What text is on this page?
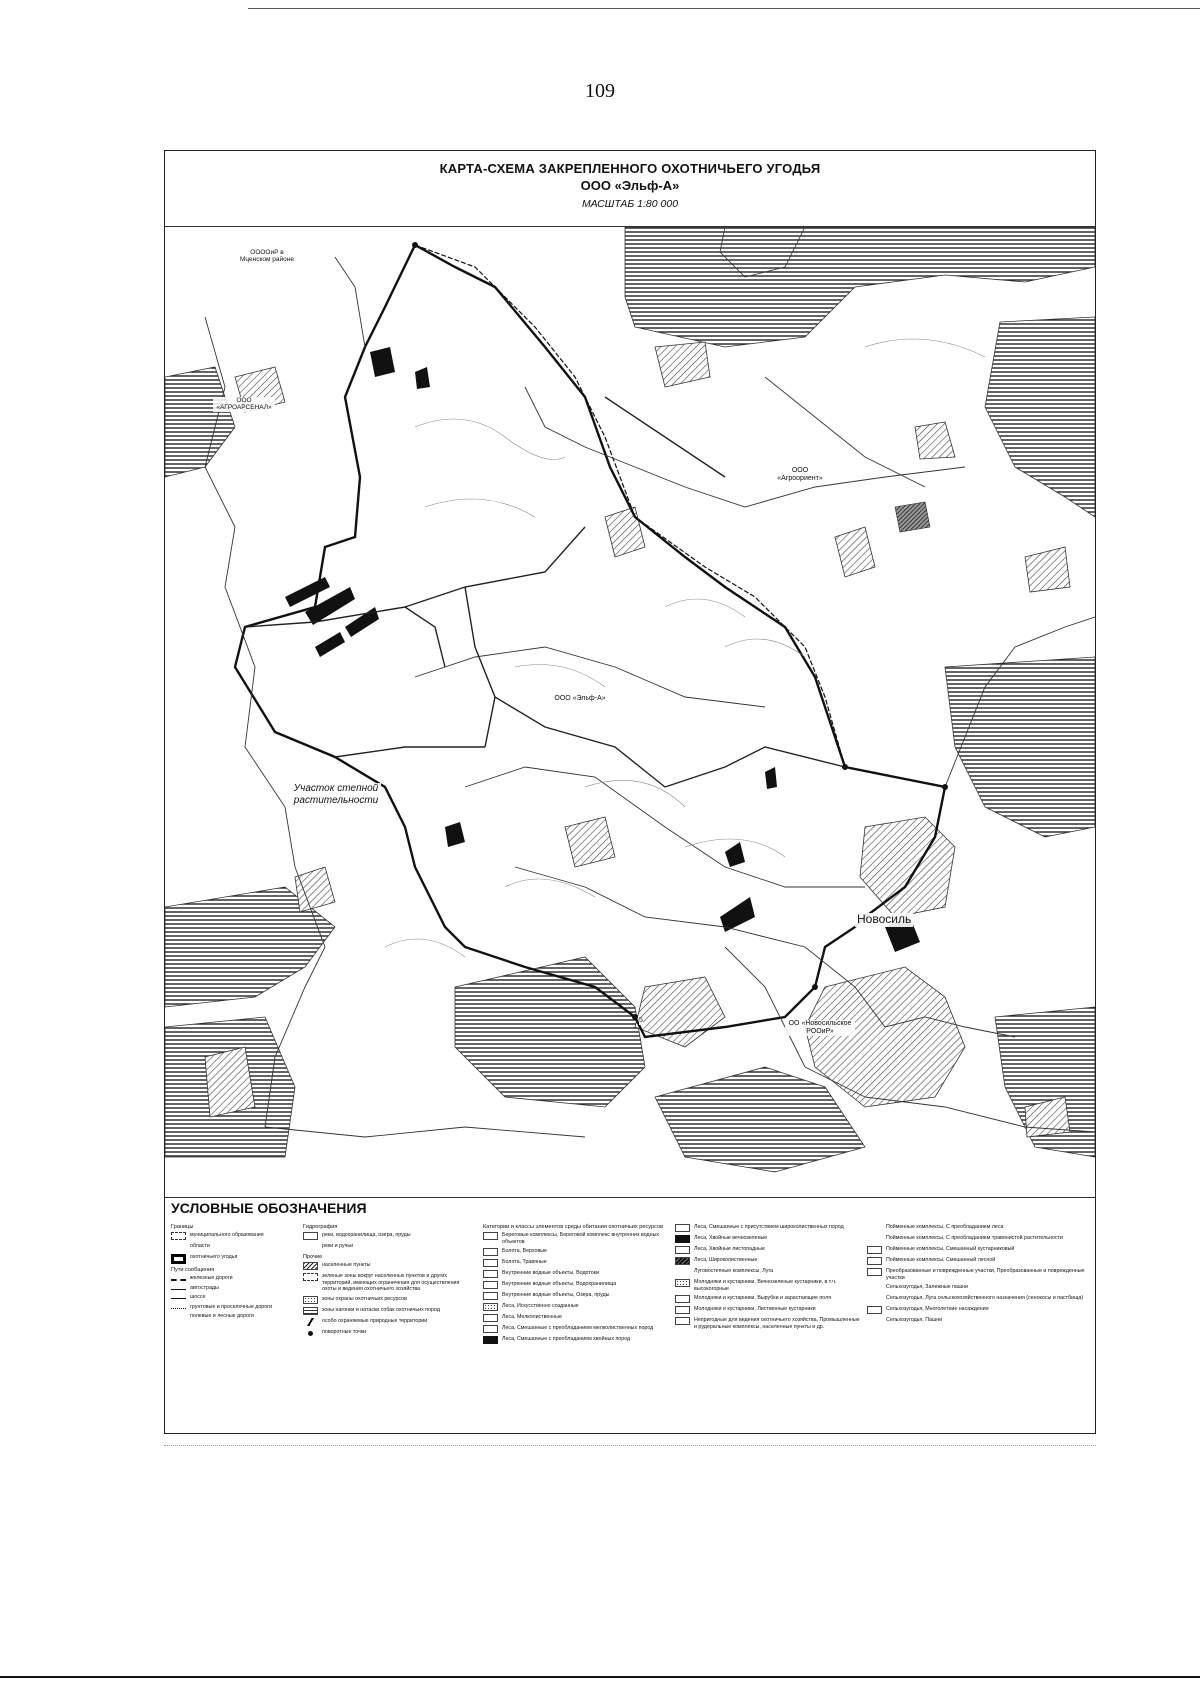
109
КАРТА-СХЕМА ЗАКРЕПЛЕННОГО ОХОТНИЧЬЕГО УГОДЬЯ
ООО «Эльф-А»
МАСШТАБ 1:80 000
ООООиР в Мценском районе
ООО «АГРОАРСЕНАЛ»
ООО «Агроориент»
ООО «Эльф-А»
Участок степной растительности
Новосиль
ОО «Новосильское РООиР»
5
УСЛОВНЫЕ ОБОЗНАЧЕНИЯ
Границы
муниципального образования
области
охотничьего угодья
Пути сообщения
железные дороги
автострады
шоссе
грунтовые и проселочные дороги
полевые и лесные дороги
Гидрография
реки, водохранилища, озера, пруды
реки и ручьи
Прочие
населенные пункты
зеленые зоны вокруг населенных пунктов и других территорий, имеющих ограничения для осуществления охоты и ведения охотничьего хозяйства
зоны охраны охотничьих ресурсов
зоны нагонки и натаски собак охотничьих пород
особо охраняемые природные территории
поворотные точки
Категории и классы элементов среды обитания охотничьих ресурсов
Береговые комплексы, Береговой комплекс внутренних водных объектов
Болота, Верховые
Болота, Травяные
Внутренние водные объекты, Водотоки
Внутренние водные объекты, Водохранилища
Внутренние водные объекты, Озера, пруды
Леса, Искусственно созданные
Леса, Мелколиственные
Леса, Смешанные с преобладанием мелколиственных пород
Леса, Смешанные с преобладанием хвойных пород
Леса, Смешанные с присутствием широколиственных пород
Леса, Хвойные вечнозеленые
Леса, Хвойные листопадные
Леса, Широколиственные
Луговостепные комплексы, Луга
Молодняки и кустарники, Вечнозеленые кустарники, в т.ч. высокогорные
Молодняки и кустарники, Вырубки и зарастающие поля
Молодняки и кустарники, Лиственные кустарники
Непригодные для ведения охотничьего хозяйства, Промышленные и рудеральные комплексы, населенные пункты и др.
Пойменные комплексы, С преобладанием леса
Пойменные комплексы, С преобладанием травянистой растительности
Пойменные комплексы, Смешанный кустарниковый
Пойменные комплексы, Смешанный лесной
Преобразованные и поврежденные участки, Преобразованные и поврежденные участки
Сельхозугодья, Залежные пашни
Сельхозугодья, Луга сельскохозяйственного назначения (сенокосы и пастбища)
Сельхозугодья, Многолетние насаждения
Сельхозугодья, Пашни
